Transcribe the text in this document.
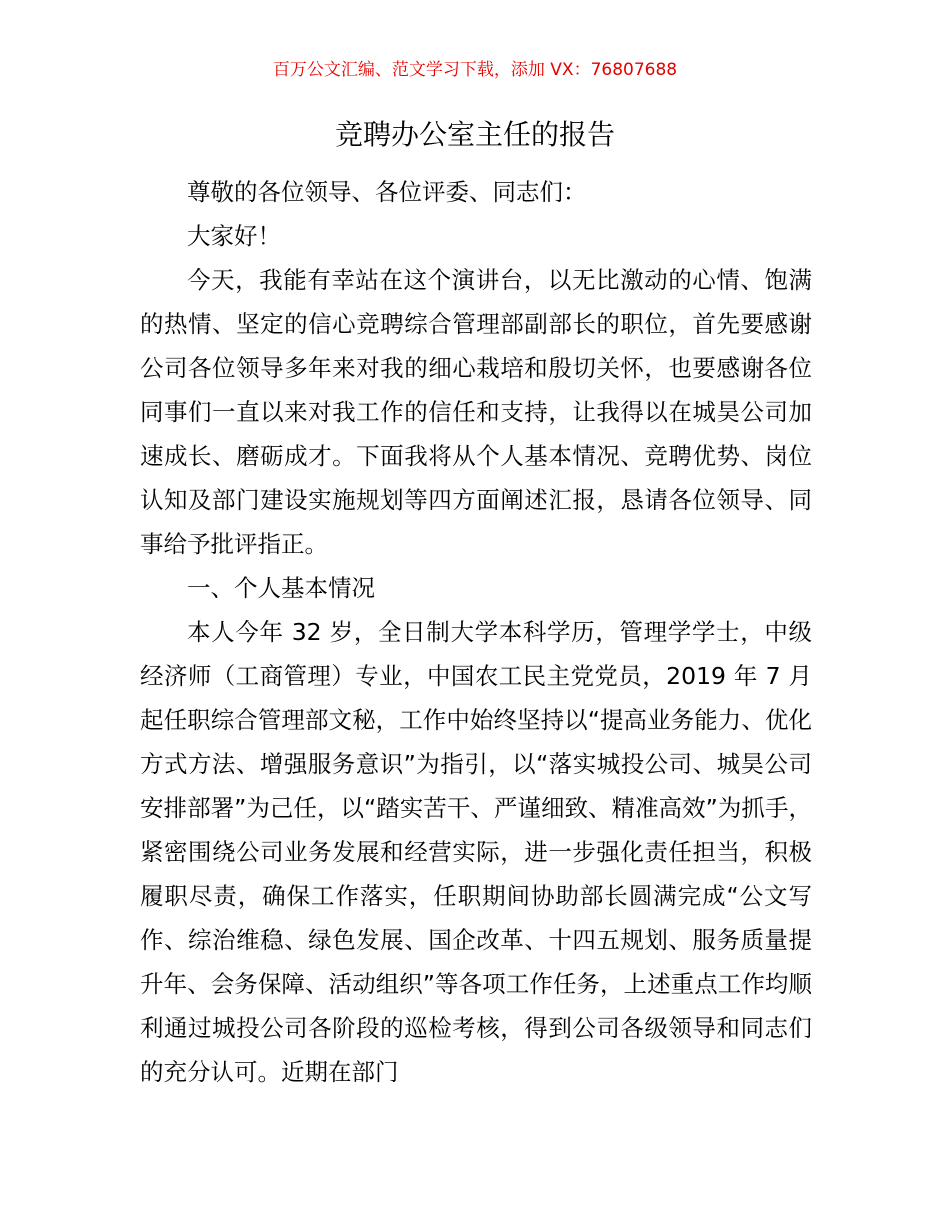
百万公文汇编、范文学习下载，添加 VX：76807688
竞聘办公室主任的报告

尊敬的各位领导、各位评委、同志们：

大家好！

今天，我能有幸站在这个演讲台，以无比激动的心情、饱满的热情、坚定的信心竞聘综合管理部副部长的职位，首先要感谢公司各位领导多年来对我的细心栽培和殷切关怀，也要感谢各位同事们一直以来对我工作的信任和支持，让我得以在城昊公司加速成长、磨砺成才。下面我将从个人基本情况、竞聘优势、岗位认知及部门建设实施规划等四方面阐述汇报，恳请各位领导、同事给予批评指正。

一、个人基本情况

本人今年 32 岁，全日制大学本科学历，管理学学士，中级经济师（工商管理）专业，中国农工民主党党员，2019 年 7 月起任职综合管理部文秘，工作中始终坚持以“提高业务能力、优化方式方法、增强服务意识”为指引，以“落实城投公司、城昊公司安排部署”为己任，以“踏实苦干、严谨细致、精准高效”为抓手，紧密围绕公司业务发展和经营实际，进一步强化责任担当，积极履职尽责，确保工作落实，任职期间协助部长圆满完成“公文写作、综治维稳、绿色发展、国企改革、十四五规划、服务质量提升年、会务保障、活动组织”等各项工作任务，上述重点工作均顺利通过城投公司各阶段的巡检考核，得到公司各级领导和同志们的充分认可。近期在部门
